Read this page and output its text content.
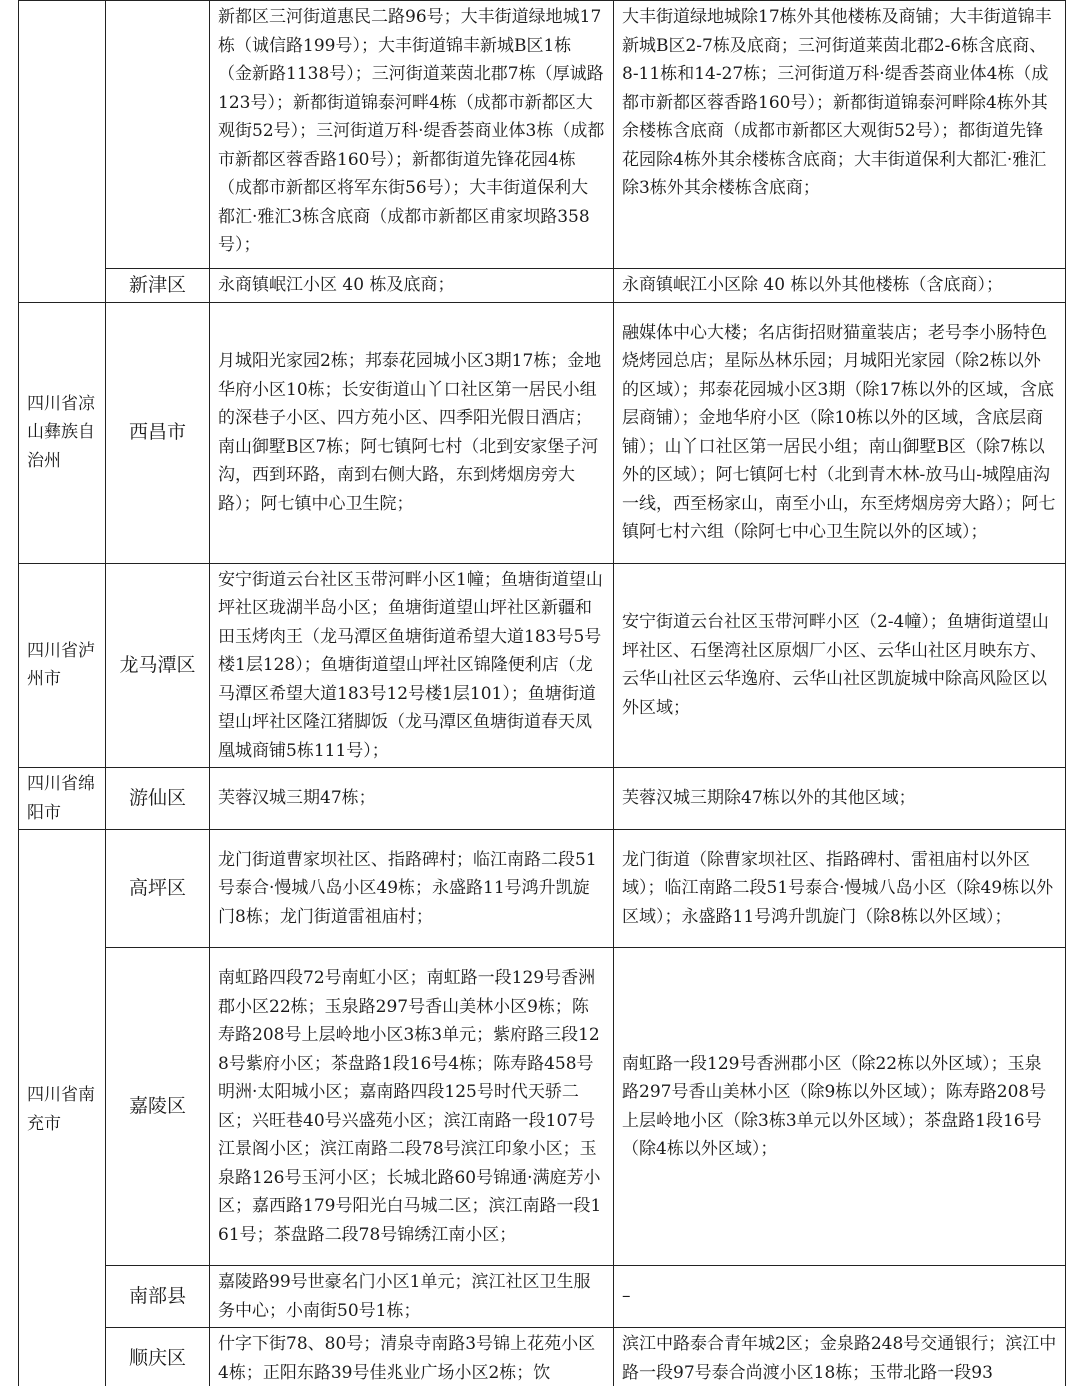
		新都区三河街道惠民二路96号；大丰街道绿地城17栋（诚信路199号）；大丰街道锦丰新城B区1栋（金新路1138号）；三河街道莱茵北郡7栋（厚诚路123号）；新都街道锦泰河畔4栋（成都市新都区大观街52号）；三河街道万科·缇香荟商业体3栋（成都市新都区蓉香路160号）；新都街道先锋花园4栋（成都市新都区将军东街56号）；大丰街道保利大都汇·雅汇3栋含底商（成都市新都区甫家坝路358号）；	大丰街道绿地城除17栋外其他楼栋及商铺；大丰街道锦丰新城B区2-7栋及底商；三河街道莱茵北郡2-6栋含底商、8-11栋和14-27栋；三河街道万科·缇香荟商业体4栋（成都市新都区蓉香路160号）；新都街道锦泰河畔除4栋外其余楼栋含底商（成都市新都区大观街52号）；都街道先锋花园除4栋外其余楼栋含底商；大丰街道保利大都汇·雅汇除3栋外其余楼栋含底商；
	新津区	永商镇岷江小区 40 栋及底商；	永商镇岷江小区除 40 栋以外其他楼栋（含底商）；

四川省凉山彝族自治州	西昌市	月城阳光家园2栋；邦泰花园城小区3期17栋；金地华府小区10栋；长安街道山丫口社区第一居民小组的深巷子小区、四方苑小区、四季阳光假日酒店；南山御墅B区7栋；阿七镇阿七村（北到安家堡子河沟，西到环路，南到右侧大路，东到烤烟房旁大路）；阿七镇中心卫生院；	融媒体中心大楼；名店街招财猫童装店；老号李小肠特色烧烤园总店；星际丛林乐园；月城阳光家园（除2栋以外的区域）；邦泰花园城小区3期（除17栋以外的区域，含底层商铺）；金地华府小区（除10栋以外的区域，含底层商铺）；山丫口社区第一居民小组；南山御墅B区（除7栋以外的区域）；阿七镇阿七村（北到青木林-放马山-城隍庙沟一线，西至杨家山，南至小山，东至烤烟房旁大路）；阿七镇阿七村六组（除阿七中心卫生院以外的区域）；

四川省泸州市	龙马潭区	安宁街道云台社区玉带河畔小区1幢；鱼塘街道望山坪社区珑湖半岛小区；鱼塘街道望山坪社区新疆和田玉烤肉王（龙马潭区鱼塘街道希望大道183号5号楼1层128）；鱼塘街道望山坪社区锦隆便利店（龙马潭区希望大道183号12号楼1层101）；鱼塘街道望山坪社区隆江猪脚饭（龙马潭区鱼塘街道春天凤凰城商铺5栋111号）；	安宁街道云台社区玉带河畔小区（2-4幢）；鱼塘街道望山坪社区、石堡湾社区原烟厂小区、云华山社区月映东方、云华山社区云华逸府、云华山社区凯旋城中除高风险区以外区域；

四川省绵阳市	游仙区	芙蓉汉城三期47栋；	芙蓉汉城三期除47栋以外的其他区域；

四川省南充市	高坪区	龙门街道曹家坝社区、指路碑村；临江南路二段51号泰合·慢城八岛小区49栋；永盛路11号鸿升凯旋门8栋；龙门街道雷祖庙村；	龙门街道（除曹家坝社区、指路碑村、雷祖庙村以外区域）；临江南路二段51号泰合·慢城八岛小区（除49栋以外区域）；永盛路11号鸿升凯旋门（除8栋以外区域）；
	嘉陵区	南虹路四段72号南虹小区；南虹路一段129号香洲郡小区22栋；玉泉路297号香山美林小区9栋；陈寿路208号上层岭地小区3栋3单元；紫府路三段128号紫府小区；茶盘路1段16号4栋；陈寿路458号明洲·太阳城小区；嘉南路四段125号时代天骄二区；兴旺巷40号兴盛苑小区；滨江南路一段107号江景阁小区；滨江南路二段78号滨江印象小区；玉泉路126号玉河小区；长城北路60号锦通·满庭芳小区；嘉西路179号阳光白马城二区；滨江南路一段161号；茶盘路二段78号锦绣江南小区；	南虹路一段129号香洲郡小区（除22栋以外区域）；玉泉路297号香山美林小区（除9栋以外区域）；陈寿路208号上层岭地小区（除3栋3单元以外区域）；茶盘路1段16号（除4栋以外区域）；
	南部县	嘉陵路99号世豪名门小区1单元；滨江社区卫生服务中心；小南街50号1栋；	–
	顺庆区	什字下街78、80号；清泉寺南路3号锦上花苑小区4栋；正阳东路39号佳兆业广场小区2栋；饮	滨江中路泰合青年城2区；金泉路248号交通银行；滨江中路一段97号泰合尚渡小区18栋；玉带北路一段93
